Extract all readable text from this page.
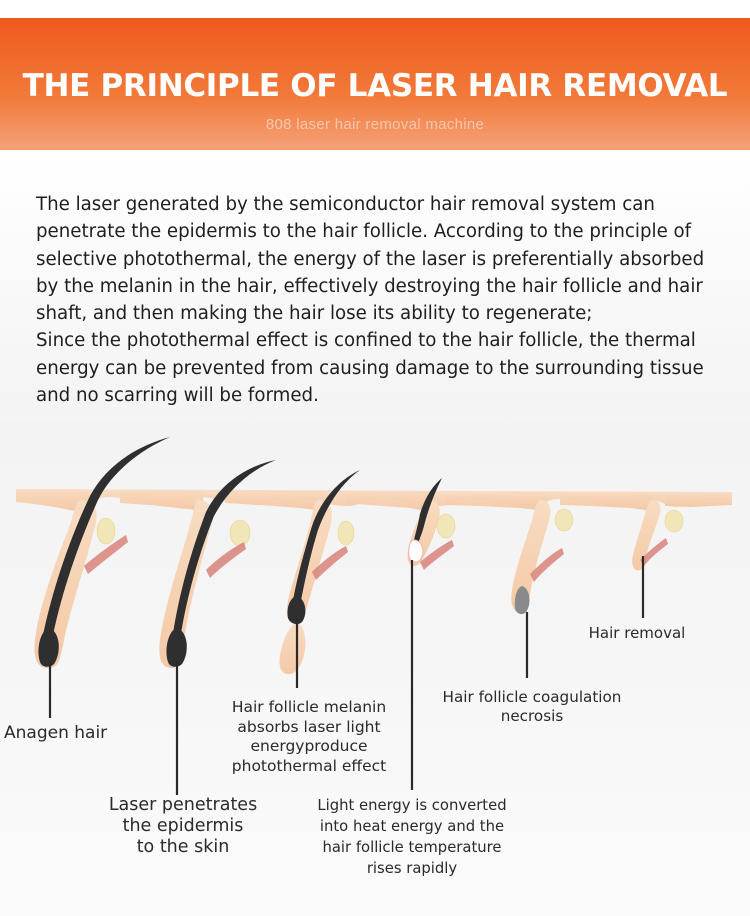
THE PRINCIPLE OF LASER HAIR REMOVAL
808 laser hair removal machine

The laser generated by the semiconductor hair removal system can

penetrate the epidermis to the hair follicle. According to the principle of

selective photothermal, the energy of the laser is preferentially absorbed

by the melanin in the hair, effectively destroying the hair follicle and hair

shaft, and then making the hair lose its ability to regenerate;

Since the photothermal effect is confined to the hair follicle, the thermal

energy can be prevented from causing damage to the surrounding tissue

and no scarring will be formed.

Anagen hair
Laser penetrates
the epidermis
to the skin
Hair follicle melanin
absorbs laser light
energyproduce
photothermal effect
Light energy is converted
into heat energy and the
hair follicle temperature
rises rapidly
Hair follicle coagulation
necrosis
Hair removal
